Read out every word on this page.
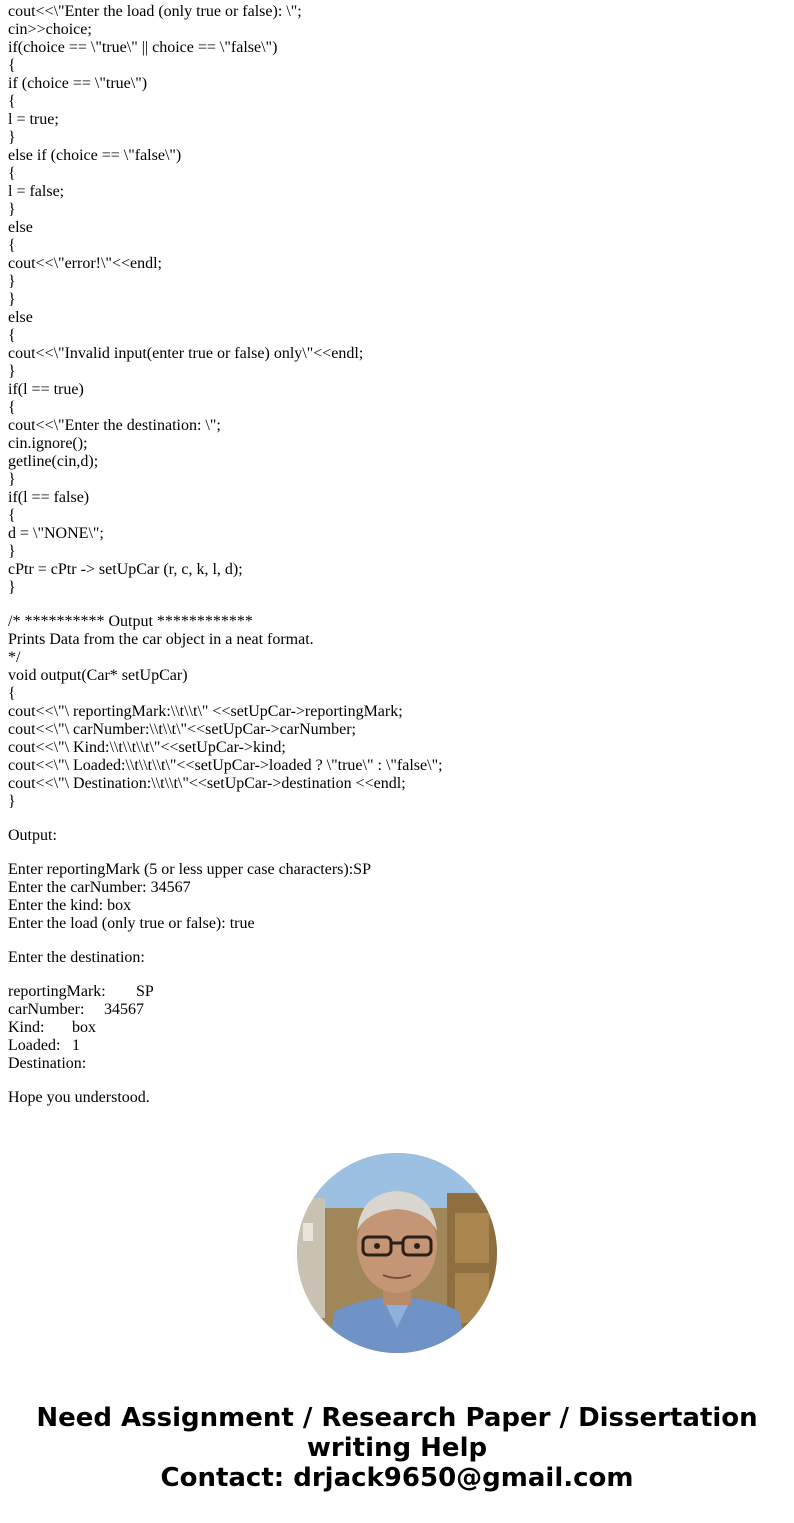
cout<<\"Enter the load (only true or false): \";
cin>>choice;
if(choice == \"true\" || choice == \"false\")
{
if (choice == \"true\")
{
l = true;
}
else if (choice == \"false\")
{
l = false;
}
else
{
cout<<\"error!\"<<endl;
}
}
else
{
cout<<\"Invalid input(enter true or false) only\"<<endl;
}
if(l == true)
{
cout<<\"Enter the destination: \";
cin.ignore();
getline(cin,d);
}
if(l == false)
{
d = \"NONE\";
}
cPtr = cPtr -> setUpCar (r, c, k, l, d);
}
/* ********** Output ************
Prints Data from the car object in a neat format.
*/
void output(Car* setUpCar)
{
cout<<\"\ reportingMark:\\t\\t\" <<setUpCar->reportingMark;
cout<<\"\ carNumber:\\t\\t\"<<setUpCar->carNumber;
cout<<\"\ Kind:\\t\\t\\t\"<<setUpCar->kind;
cout<<\"\ Loaded:\\t\\t\\t\"<<setUpCar->loaded ? \"true\" : \"false\";
cout<<\"\ Destination:\\t\\t\"<<setUpCar->destination <<endl;
}
Output:
Enter reportingMark (5 or less upper case characters):SP
Enter the carNumber: 34567
Enter the kind: box
Enter the load (only true or false): true
Enter the destination:
reportingMark:	SP
carNumber:	34567
Kind:	box
Loaded:	1
Destination:	
Hope you understood.
Need Assignment / Research Paper / Dissertation
writing Help
Contact: drjack9650@gmail.com
